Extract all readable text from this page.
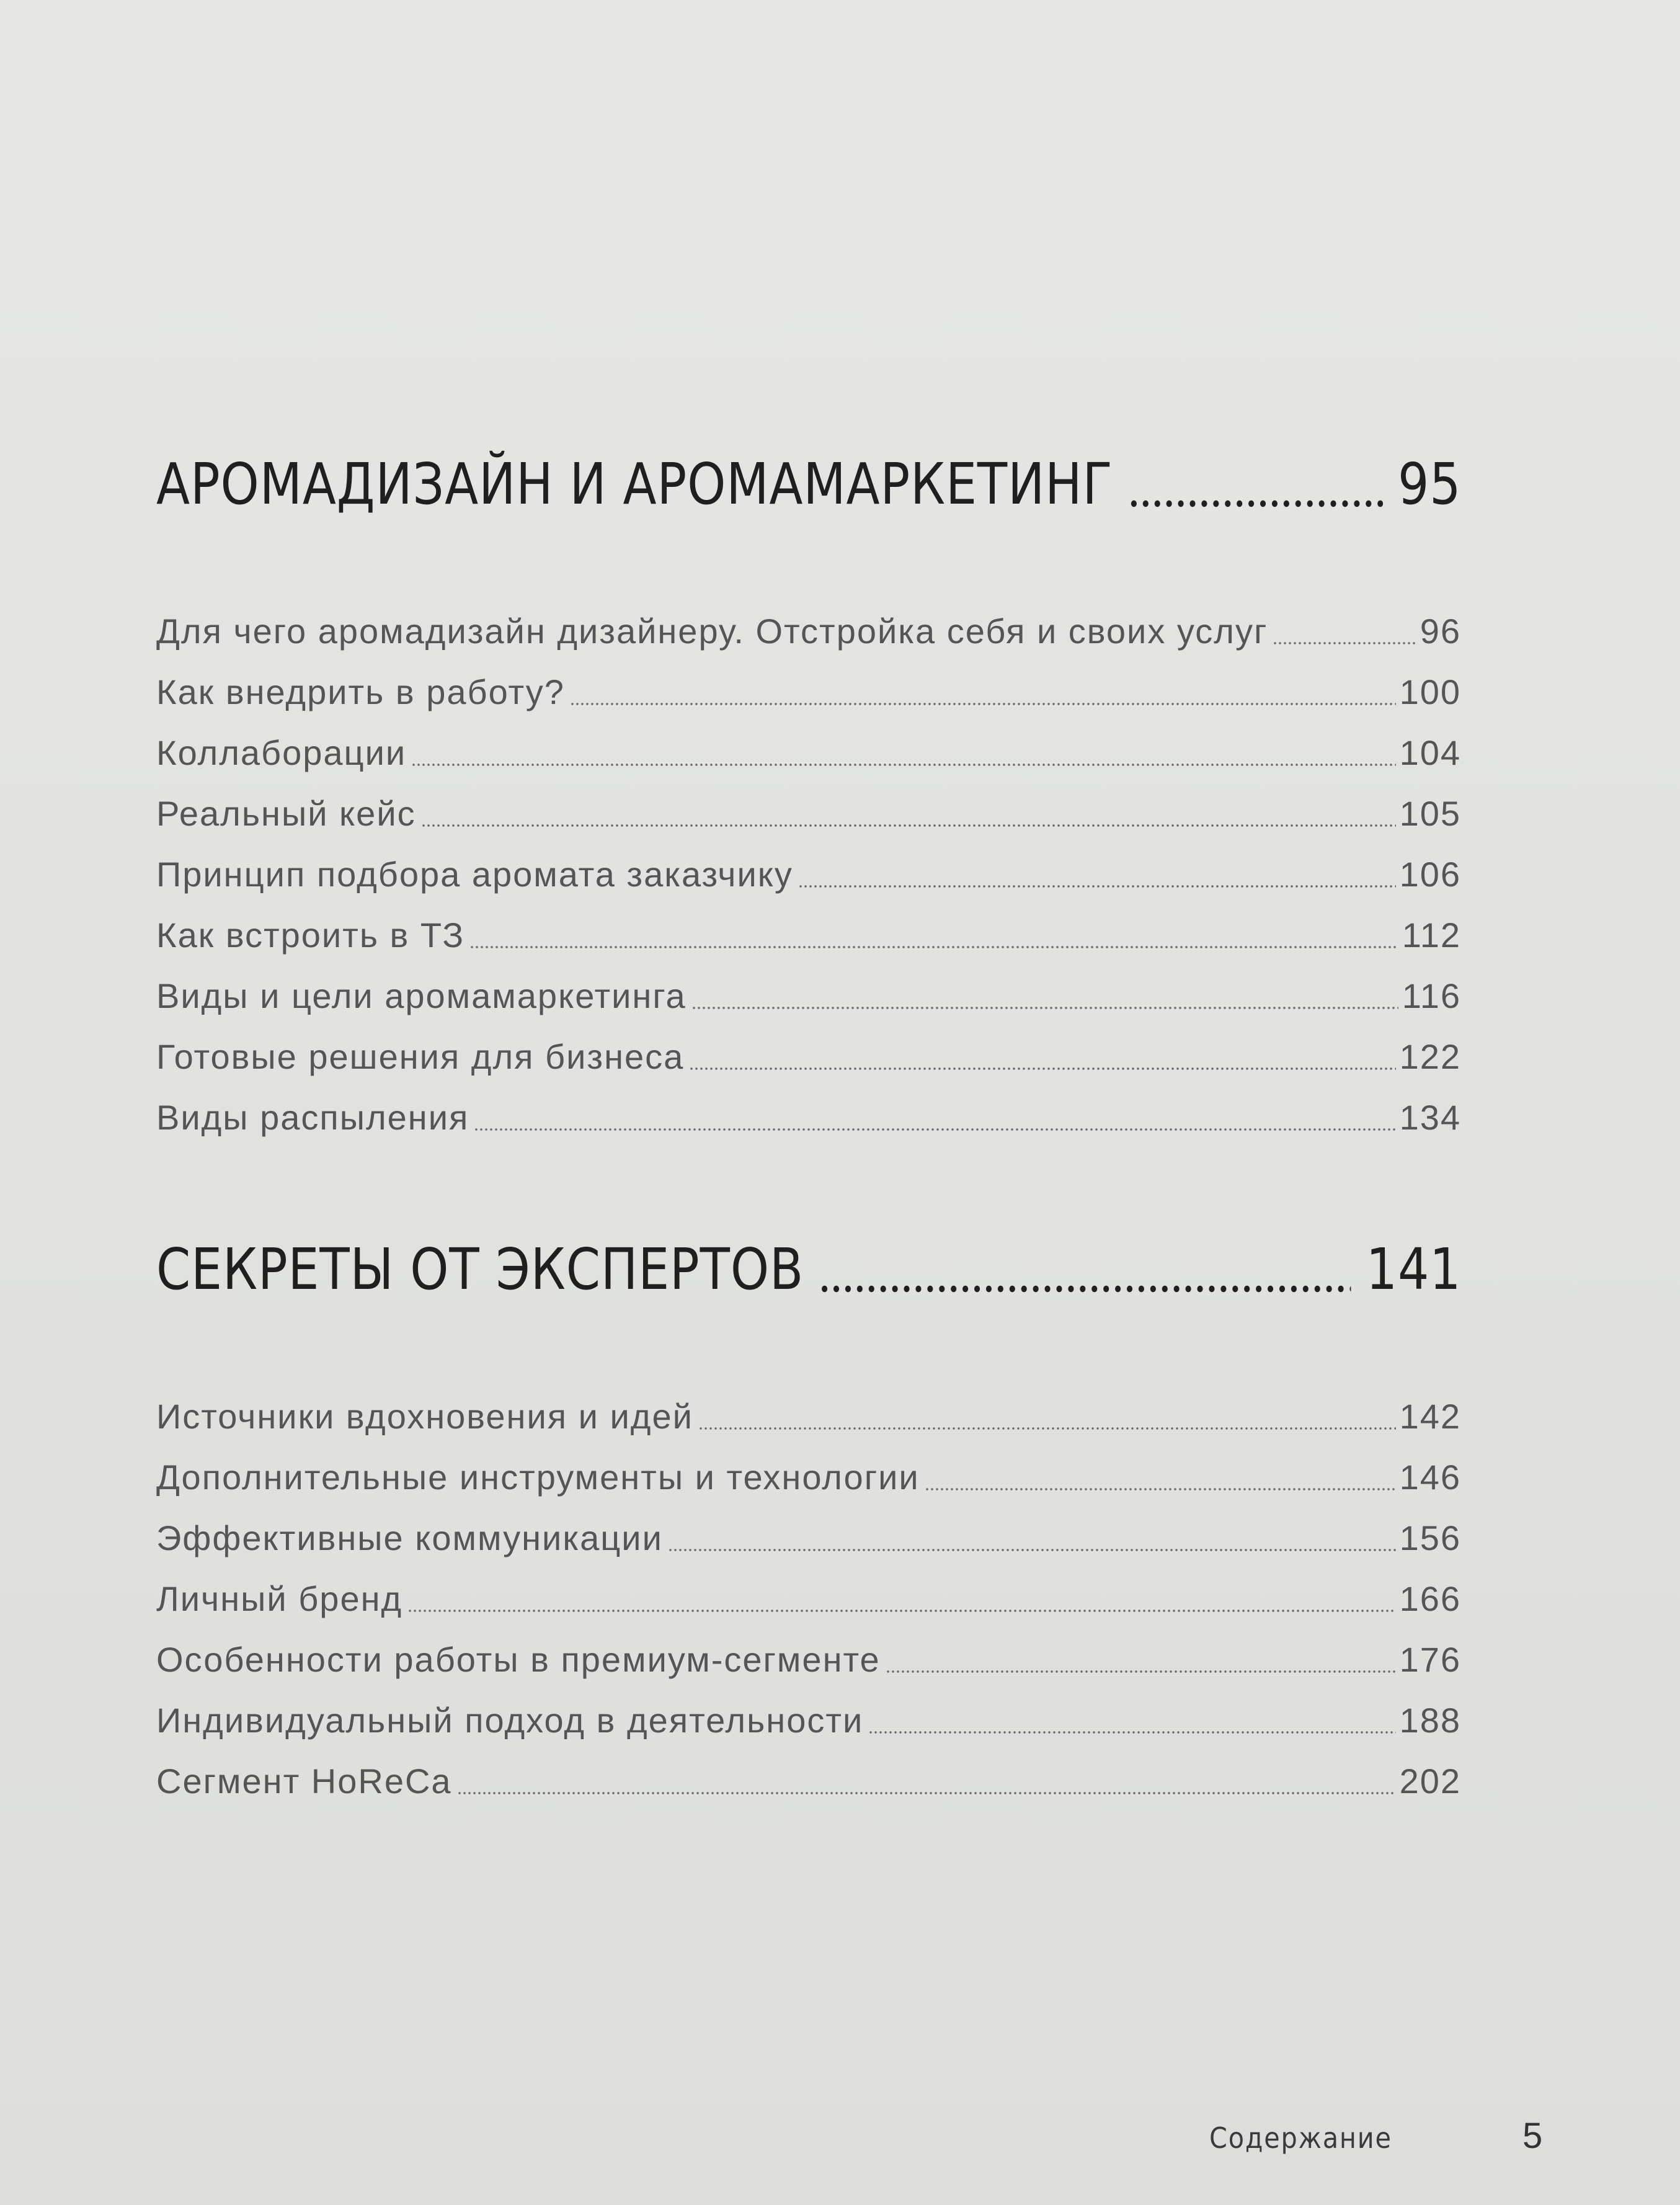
АРОМАДИЗАЙН И АРОМАМАРКЕТИНГ	95
Для чего аромадизайн дизайнеру. Отстройка себя и своих услуг	96
Как внедрить в работу?	100
Коллаборации	104
Реальный кейс	105
Принцип подбора аромата заказчику	106
Как встроить в ТЗ	112
Виды и цели аромамаркетинга	116
Готовые решения для бизнеса	122
Виды распыления	134
СЕКРЕТЫ ОТ ЭКСПЕРТОВ	141
Источники вдохновения и идей	142
Дополнительные инструменты и технологии	146
Эффективные коммуникации	156
Личный бренд	166
Особенности работы в премиум-сегменте	176
Индивидуальный подход в деятельности	188
Сегмент HoReCa	202
Содержание	5
